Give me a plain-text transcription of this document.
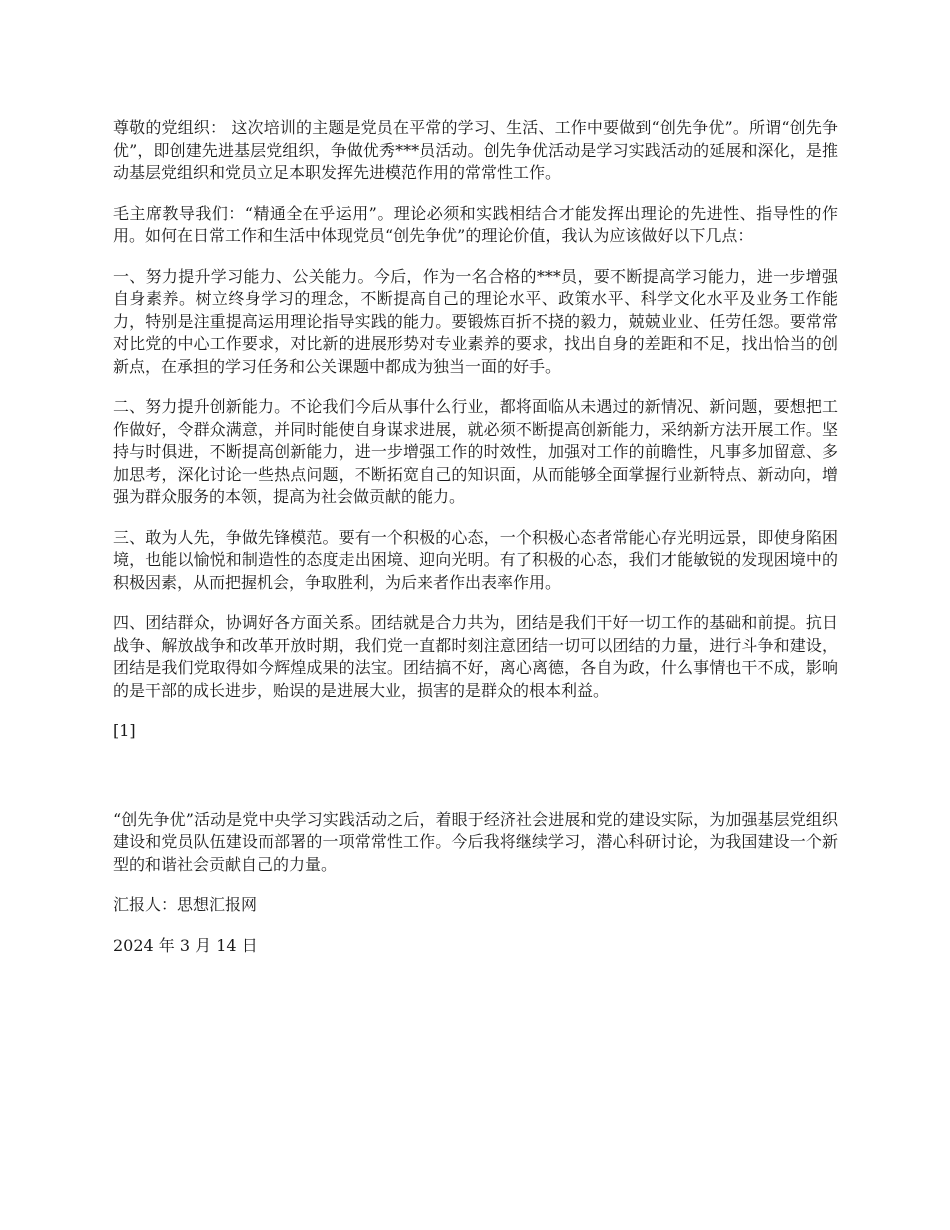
尊敬的党组织： 这次培训的主题是党员在平常的学习、生活、工作中要做到“创先争优”。所谓“创先争优”，即创建先进基层党组织，争做优秀***员活动。创先争优活动是学习实践活动的延展和深化，是推动基层党组织和党员立足本职发挥先进模范作用的常常性工作。

毛主席教导我们：“精通全在乎运用”。理论必须和实践相结合才能发挥出理论的先进性、指导性的作用。如何在日常工作和生活中体现党员“创先争优”的理论价值，我认为应该做好以下几点：

一、努力提升学习能力、公关能力。今后，作为一名合格的***员，要不断提高学习能力，进一步增强自身素养。树立终身学习的理念，不断提高自己的理论水平、政策水平、科学文化水平及业务工作能力，特别是注重提高运用理论指导实践的能力。要锻炼百折不挠的毅力，兢兢业业、任劳任怨。要常常对比党的中心工作要求，对比新的进展形势对专业素养的要求，找出自身的差距和不足，找出恰当的创新点，在承担的学习任务和公关课题中都成为独当一面的好手。

二、努力提升创新能力。不论我们今后从事什么行业，都将面临从未遇过的新情况、新问题，要想把工作做好，令群众满意，并同时能使自身谋求进展，就必须不断提高创新能力，采纳新方法开展工作。坚持与时俱进，不断提高创新能力，进一步增强工作的时效性，加强对工作的前瞻性，凡事多加留意、多加思考，深化讨论一些热点问题，不断拓宽自己的知识面，从而能够全面掌握行业新特点、新动向，增强为群众服务的本领，提高为社会做贡献的能力。

三、敢为人先，争做先锋模范。要有一个积极的心态，一个积极心态者常能心存光明远景，即使身陷困境，也能以愉悦和制造性的态度走出困境、迎向光明。有了积极的心态，我们才能敏锐的发现困境中的积极因素，从而把握机会，争取胜利，为后来者作出表率作用。

四、团结群众，协调好各方面关系。团结就是合力共为，团结是我们干好一切工作的基础和前提。抗日战争、解放战争和改革开放时期，我们党一直都时刻注意团结一切可以团结的力量，进行斗争和建设，团结是我们党取得如今辉煌成果的法宝。团结搞不好，离心离德，各自为政，什么事情也干不成，影响的是干部的成长进步，贻误的是进展大业，损害的是群众的根本利益。

[1]

“创先争优”活动是党中央学习实践活动之后，着眼于经济社会进展和党的建设实际，为加强基层党组织建设和党员队伍建设而部署的一项常常性工作。今后我将继续学习，潜心科研讨论，为我国建设一个新型的和谐社会贡献自己的力量。

汇报人：思想汇报网

2024 年 3 月 14 日
